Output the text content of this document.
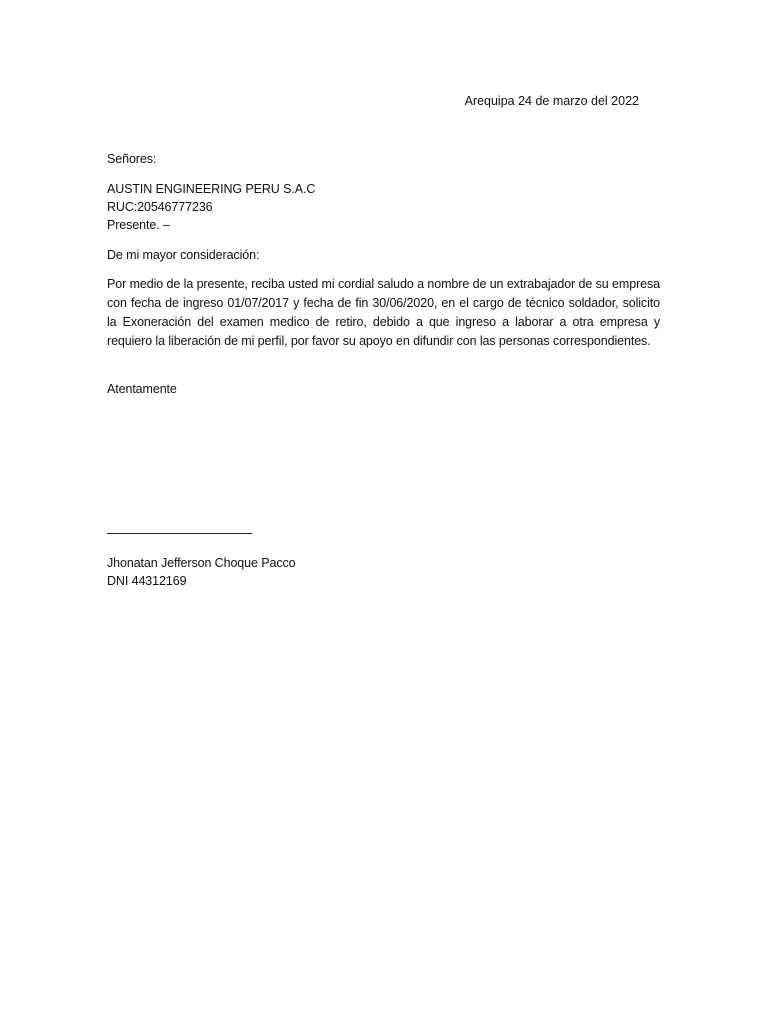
Arequipa 24 de marzo del 2022
Señores:
AUSTIN ENGINEERING PERU S.A.C
RUC:20546777236
Presente. –
De mi mayor consideración:
Por medio de la presente, reciba usted mi cordial saludo a nombre de un extrabajador de su empresa con fecha de ingreso 01/07/2017 y fecha de fin 30/06/2020, en el cargo de técnico soldador, solicito la Exoneración del examen medico de retiro, debido a que ingreso a laborar a otra empresa y requiero la liberación de mi perfil, por favor su apoyo en difundir con las personas correspondientes.
Atentamente
Jhonatan Jefferson Choque Pacco
DNI 44312169
